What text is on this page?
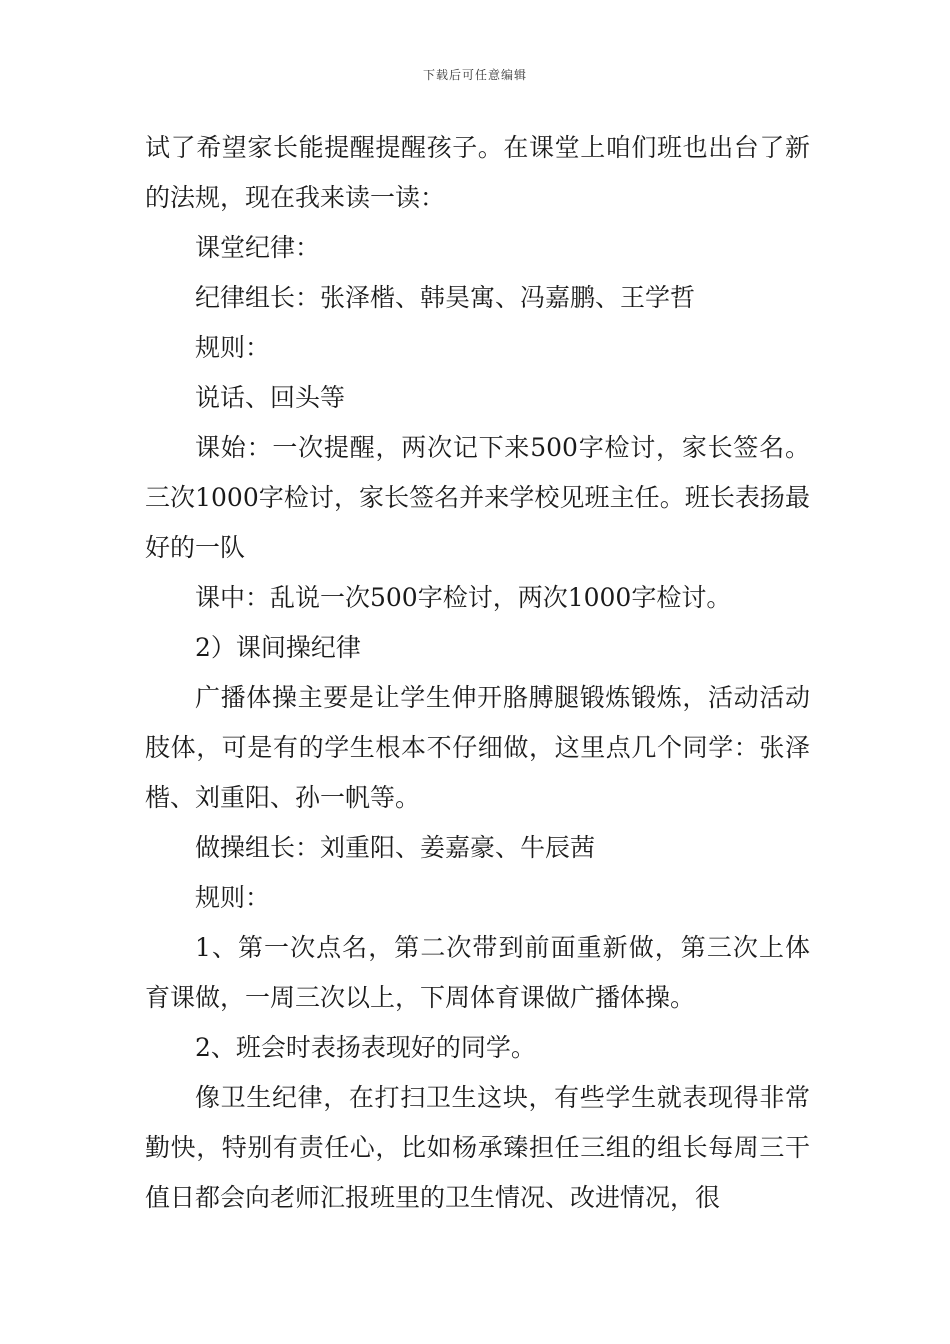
下载后可任意编辑

试了希望家长能提醒提醒孩子。在课堂上咱们班也出台了新的法规，现在我来读一读：

课堂纪律：

纪律组长：张泽楷、韩昊寓、冯嘉鹏、王学哲

规则：

说话、回头等

课始：一次提醒，两次记下来500字检讨，家长签名。三次1000字检讨，家长签名并来学校见班主任。班长表扬最好的一队

课中：乱说一次500字检讨，两次1000字检讨。

2）课间操纪律

广播体操主要是让学生伸开胳膊腿锻炼锻炼，活动活动肢体，可是有的学生根本不仔细做，这里点几个同学：张泽楷、刘重阳、孙一帆等。

做操组长：刘重阳、姜嘉豪、牛辰茜

规则：

1、第一次点名，第二次带到前面重新做，第三次上体育课做，一周三次以上，下周体育课做广播体操。

2、班会时表扬表现好的同学。

像卫生纪律，在打扫卫生这块，有些学生就表现得非常勤快，特别有责任心，比如杨承臻担任三组的组长每周三干值日都会向老师汇报班里的卫生情况、改进情况，很
